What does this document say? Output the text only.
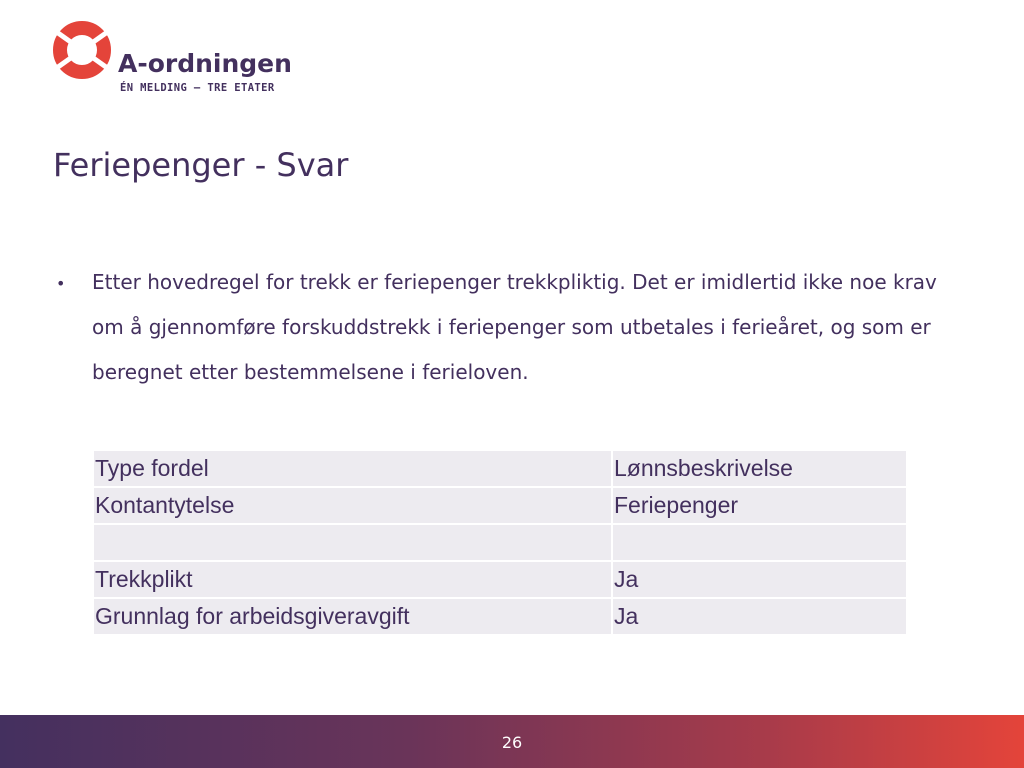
A-ordningen
ÉN MELDING – TRE ETATER
Feriepenger - Svar
• Etter hovedregel for trekk er feriepenger trekkpliktig. Det er imidlertid ikke noe krav om å gjennomføre forskuddstrekk i feriepenger som utbetales i ferieåret, og som er beregnet etter bestemmelsene i ferieloven.
Type fordel	Lønnsbeskrivelse
Kontantytelse	Feriepenger

Trekkplikt	Ja
Grunnlag for arbeidsgiveravgift	Ja
26
